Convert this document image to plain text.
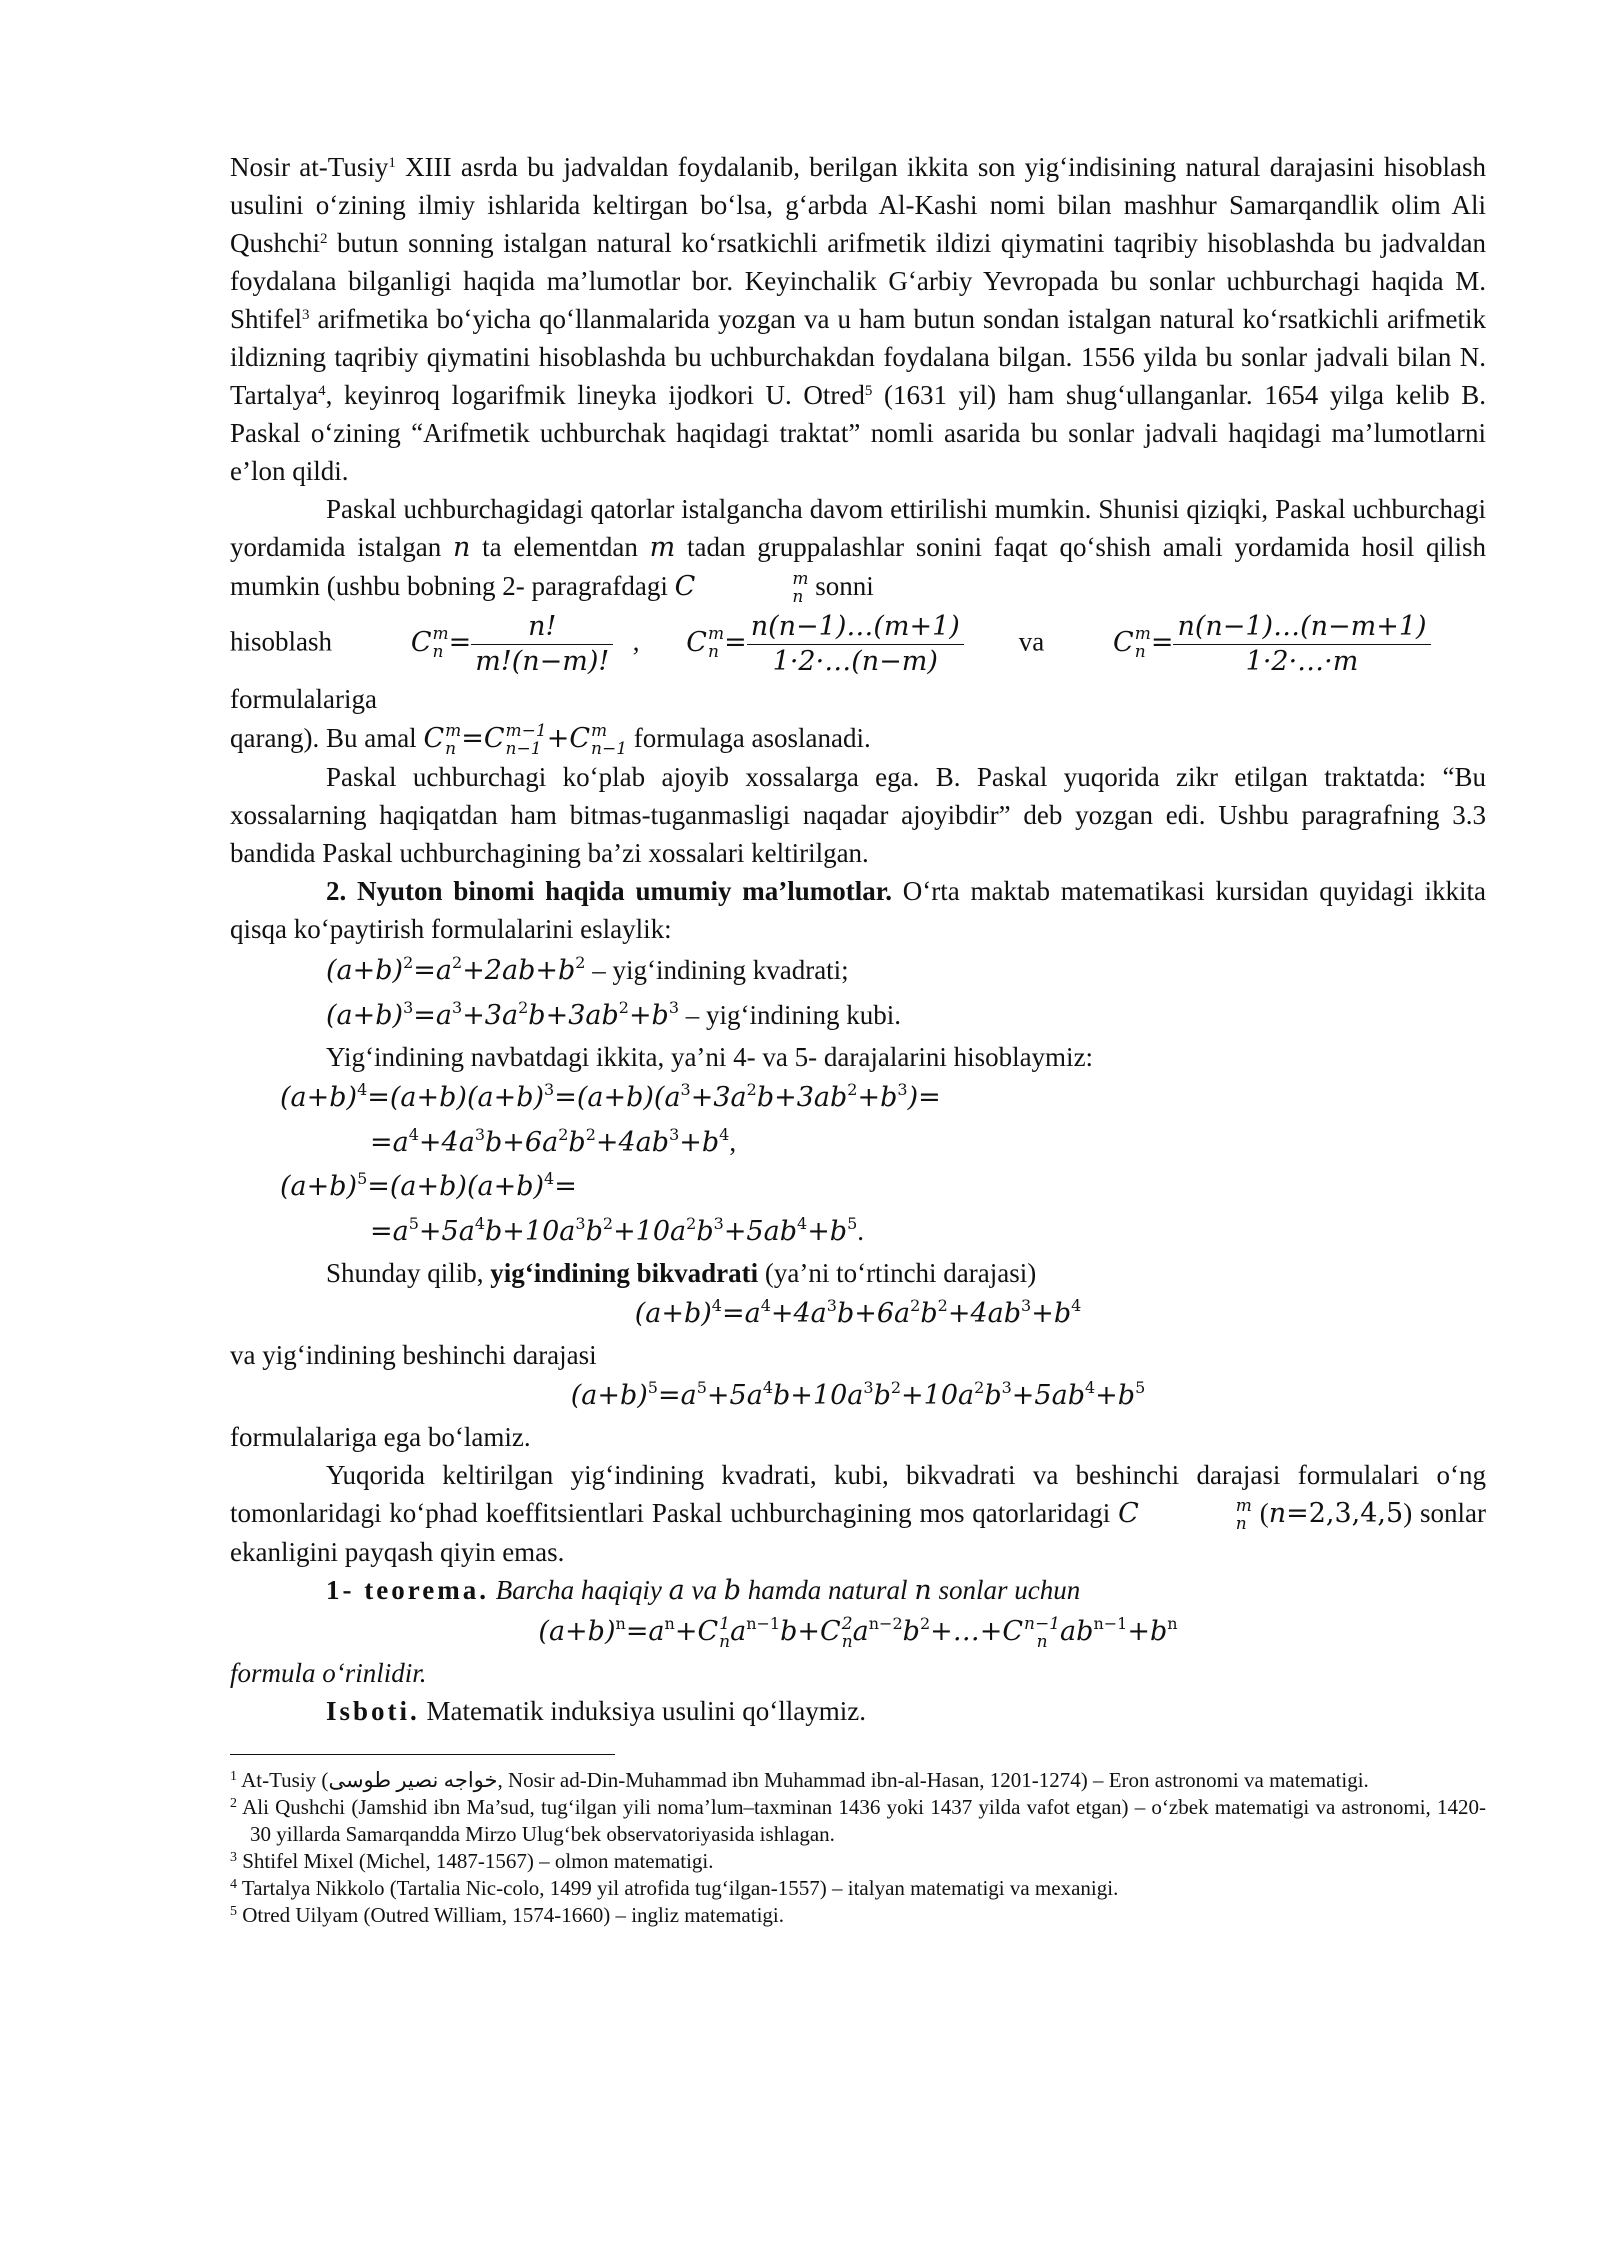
Nosir at-Tusiy$^1$ XIII asrda bu jadvaldan foydalanib, berilgan ikkita son yig‘indisining natural darajasini hisoblash usulini o‘zining ilmiy ishlarida keltirgan bo‘lsa, g‘arbda Al-Kashi nomi bilan mashhur Samarqandlik olim Ali Qushchi$^2$ butun sonning istalgan natural ko‘rsatkichli arifmetik ildizi qiymatini taqribiy hisoblashda bu jadvaldan foydalana bilganligi haqida ma’lumotlar bor. Keyinchalik G‘arbiy Yevropada bu sonlar uchburchagi haqida M. Shtifel$^3$ arifmetika bo‘yicha qo‘llanmalarida yozgan va u ham butun sondan istalgan natural ko‘rsatkichli arifmetik ildizning taqribiy qiymatini hisoblashda bu uchburchakdan foydalana bilgan. 1556 yilda bu sonlar jadvali bilan N. Tartalya$^4$, keyinroq logarifmik lineyka ijodkori U. Otred$^5$ (1631 yil) ham shug‘ullanganlar. 1654 yilga kelib B. Paskal o‘zining “Arifmetik uchburchak haqidagi traktat” nomli asarida bu sonlar jadvali haqidagi ma’lumotlarni e’lon qildi.

Paskal uchburchagidagi qatorlar istalgancha davom ettirilishi mumkin. Shunisi qiziqki, Paskal uchburchagi yordamida istalgan n ta elementdan m tadan gruppalashlar sonini faqat qo‘shish amali yordamida hosil qilish mumkin (ushbu bobning 2- paragrafdagi C	m
n sonni

hisoblash	C m
$n = \frac{n!}{m!(n-m)!}$ , C m
$n = \frac{n(n-1)\dots(m+1)}{1\cdot 2\cdot\dots(n-m)}$ va	C m
$n = \frac{n(n-1)\dots(n-m+1)}{1\cdot 2\cdot\dots\cdot m}$
formulalariga

qarang). Bu amal C m
n =C m−1
n−1 +C m
n−1 formulaga asoslanadi.

Paskal uchburchagi ko‘plab ajoyib xossalarga ega. B. Paskal yuqorida zikr etilgan traktatda: “Bu xossalarning haqiqatdan ham bitmas-tuganmasligi naqadar ajoyibdir” deb yozgan edi. Ushbu paragrafning 3.3 bandida Paskal uchburchagining ba’zi xossalari keltirilgan.

2. Nyuton binomi haqida umumiy ma’lumotlar. O‘rta maktab matematikasi kursidan quyidagi ikkita qisqa ko‘paytirish formulalarini eslaylik:

$(a+b)^2=a^2+2ab+b^2$ – yig‘indining kvadrati;
$(a+b)^3=a^3+3a^2b+3ab^2+b^3$ – yig‘indining kubi.

Yig‘indining navbatdagi ikkita, ya’ni 4- va 5- darajalarini hisoblaymiz:

$(a+b)^4=(a+b)(a+b)^3=(a+b)(a^3+3a^2b+3ab^2+b^3)=$
$=a^4+4a^3b+6a^2b^2+4ab^3+b^4$,
$(a+b)^5=(a+b)(a+b)^4=$
$=a^5+5a^4b+10a^3b^2+10a^2b^3+5ab^4+b^5$.

Shunday qilib, yig‘indining bikvadrati (ya’ni to‘rtinchi darajasi)

$(a+b)^4=a^4+4a^3b+6a^2b^2+4ab^3+b^4$

va yig‘indining beshinchi darajasi

$(a+b)^5=a^5+5a^4b+10a^3b^2+10a^2b^3+5ab^4+b^5$

formulalariga ega bo‘lamiz.

Yuqorida keltirilgan yig‘indining kvadrati, kubi, bikvadrati va beshinchi darajasi formulalari o‘ng tomonlaridagi ko‘phad koeffitsientlari Paskal uchburchagining mos qatorlaridagi C	m
n (n=2,3,4,5) sonlar ekanligini payqash qiyin emas.

1- teorema. Barcha haqiqiy a va b hamda natural n sonlar uchun

$(a+b)^n=a^n+C$ 1
n $a^{n-1}b+C$ 2
n $a^{n-2}b^2+\dots+C$ n−1
n $ab^{n-1}+b^n$

formula o‘rinlidir.

Isboti. Matematik induksiya usulini qo‘llaymiz.

$^1$ At-Tusiy (خواجه نصیر طوسی, Nosir ad-Din-Muhammad ibn Muhammad ibn-al-Hasan, 1201-1274) – Eron astronomi va matematigi.
$^2$ Ali Qushchi (Jamshid ibn Ma’sud, tug‘ilgan yili noma’lum–taxminan 1436 yoki 1437 yilda vafot etgan) – o‘zbek matematigi va astronomi, 1420-30 yillarda Samarqandda Mirzo Ulug‘bek observatoriyasida ishlagan.
$^3$ Shtifel Mixel (Michel, 1487-1567) – olmon matematigi.
$^4$ Tartalya Nikkolo (Tartalia Nic-colo, 1499 yil atrofida tug‘ilgan-1557) – italyan matematigi va mexanigi.
$^5$ Otred Uilyam (Outred William, 1574-1660) – ingliz matematigi.
